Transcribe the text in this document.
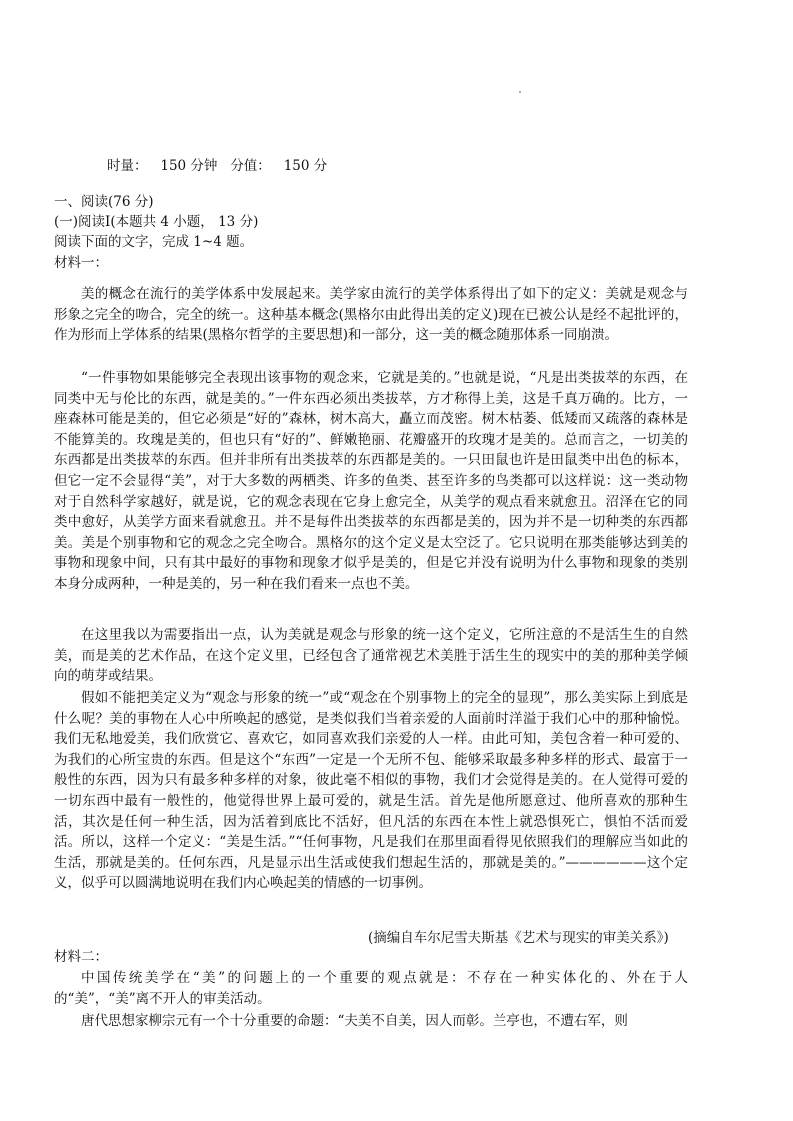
时量： 150 分钟 分值： 150 分
一、阅读(76 分)
(一)阅读Ⅰ(本题共 4 小题， 13 分)
阅读下面的文字，完成 1~4 题。
材料一：
美的概念在流行的美学体系中发展起来。美学家由流行的美学体系得出了如下的定义：美就是观念与形象之完全的吻合，完全的统一。这种基本概念(黑格尔由此得出美的定义)现在已被公认是经不起批评的，作为形而上学体系的结果(黑格尔哲学的主要思想)和一部分，这一美的概念随那体系一同崩溃。
“一件事物如果能够完全表现出该事物的观念来，它就是美的。”也就是说，“凡是出类拔萃的东西，在同类中无与伦比的东西，就是美的。”一件东西必须出类拔萃，方才称得上美，这是千真万确的。比方，一座森林可能是美的，但它必须是“好的”森林，树木高大，矗立而茂密。树木枯萎、低矮而又疏落的森林是不能算美的。玫瑰是美的，但也只有“好的”、鲜嫩艳丽、花瓣盛开的玫瑰才是美的。总而言之，一切美的东西都是出类拔萃的东西。但并非所有出类拔萃的东西都是美的。一只田鼠也许是田鼠类中出色的标本，但它一定不会显得“美”，对于大多数的两栖类、许多的鱼类、甚至许多的鸟类都可以这样说：这一类动物对于自然科学家越好，就是说，它的观念表现在它身上愈完全，从美学的观点看来就愈丑。沼泽在它的同类中愈好，从美学方面来看就愈丑。并不是每件出类拔萃的东西都是美的，因为并不是一切种类的东西都美。美是个别事物和它的观念之完全吻合。黑格尔的这个定义是太空泛了。它只说明在那类能够达到美的事物和现象中间，只有其中最好的事物和现象才似乎是美的，但是它并没有说明为什么事物和现象的类别本身分成两种，一种是美的，另一种在我们看来一点也不美。
在这里我以为需要指出一点，认为美就是观念与形象的统一这个定义，它所注意的不是活生生的自然美，而是美的艺术作品，在这个定义里，已经包含了通常视艺术美胜于活生生的现实中的美的那种美学倾向的萌芽或结果。
假如不能把美定义为“观念与形象的统一”或“观念在个别事物上的完全的显现”，那么美实际上到底是什么呢？美的事物在人心中所唤起的感觉，是类似我们当着亲爱的人面前时洋溢于我们心中的那种愉悦。我们无私地爱美，我们欣赏它、喜欢它，如同喜欢我们亲爱的人一样。由此可知，美包含着一种可爱的、为我们的心所宝贵的东西。但是这个“东西”一定是一个无所不包、能够采取最多种多样的形式、最富于一般性的东西，因为只有最多种多样的对象，彼此毫不相似的事物，我们才会觉得是美的。在人觉得可爱的一切东西中最有一般性的，他觉得世界上最可爱的，就是生活。首先是他所愿意过、他所喜欢的那种生活，其次是任何一种生活，因为活着到底比不活好，但凡活的东西在本性上就恐惧死亡，惧怕不活而爱活。所以，这样一个定义：“美是生活。”“任何事物，凡是我们在那里面看得见依照我们的理解应当如此的生活，那就是美的。任何东西，凡是显示出生活或使我们想起生活的，那就是美的。”——————这个定义，似乎可以圆满地说明在我们内心唤起美的情感的一切事例。
(摘编自车尔尼雪夫斯基《艺术与现实的审美关系》)
材料二：
中国传统美学在“美”的问题上的一个重要的观点就是：不存在一种实体化的、外在于人的“美”，“美”离不开人的审美活动。
唐代思想家柳宗元有一个十分重要的命题：“夫美不自美，因人而彰。兰亭也，不遭右军，则
